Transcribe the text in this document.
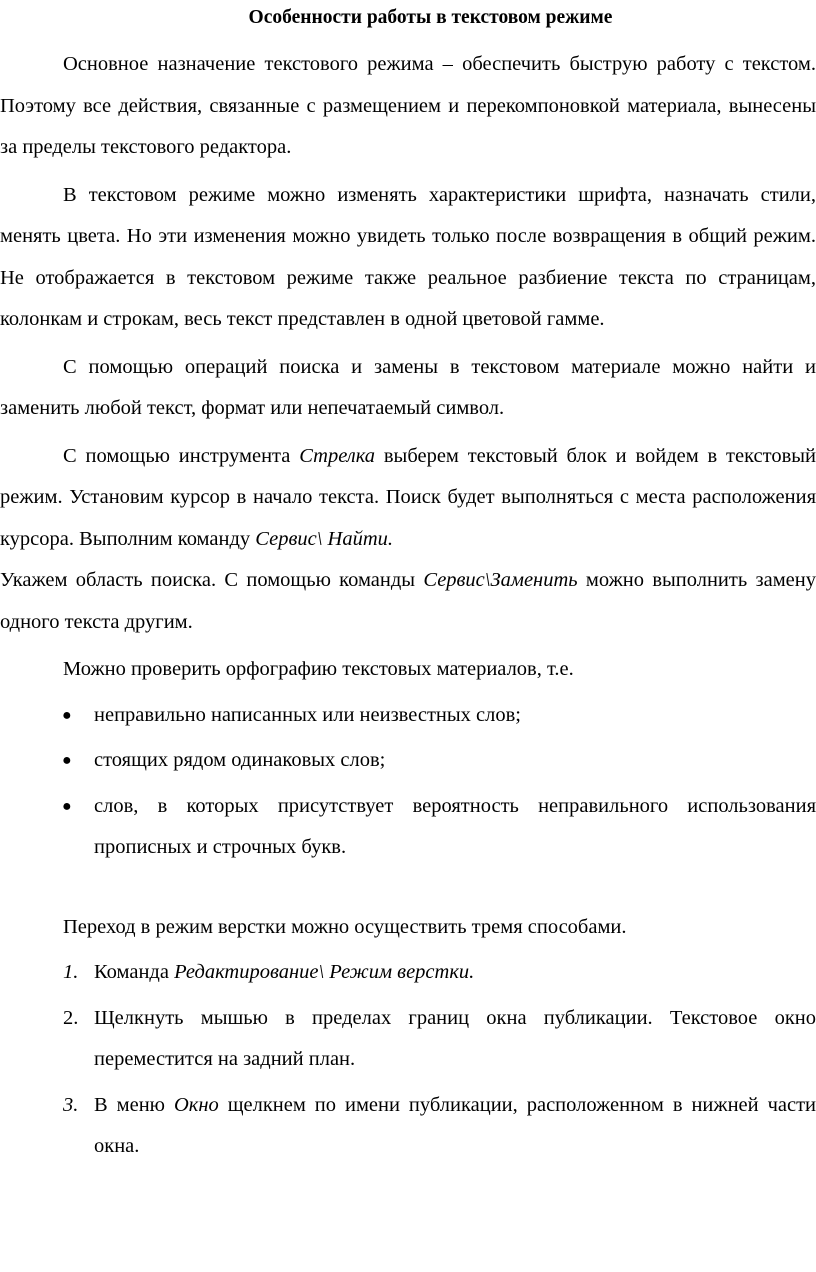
Особенности работы в текстовом режиме

Основное назначение текстового режима – обеспечить быструю работу с текстом. Поэтому все действия, связанные с размещением и перекомпоновкой материала, вынесены за пределы текстового редактора.

В текстовом режиме можно изменять характеристики шрифта, назначать стили, менять цвета. Но эти изменения можно увидеть только после возвращения в общий режим. Не отображается в текстовом режиме также реальное разбиение текста по страницам, колонкам и строкам, весь текст представлен в одной цветовой гамме.

С помощью операций поиска и замены в текстовом материале можно найти и заменить любой текст, формат или непечатаемый символ.

С помощью инструмента Стрелка выберем текстовый блок и войдем в текстовый режим. Установим курсор в начало текста. Поиск будет выполняться с места расположения курсора. Выполним команду Сервис\ Найти.

Укажем область поиска. С помощью команды Сервис\Заменить можно выполнить замену одного текста другим.

Можно проверить орфографию текстовых материалов, т.е.

● неправильно написанных или неизвестных слов;
● стоящих рядом одинаковых слов;
● слов, в которых присутствует вероятность неправильного использования прописных и строчных букв.

Переход в режим верстки можно осуществить тремя способами.

1. Команда Редактирование\ Режим верстки.
2. Щелкнуть мышью в пределах границ окна публикации. Текстовое окно переместится на задний план.
3. В меню Окно щелкнем по имени публикации, расположенном в нижней части окна.
